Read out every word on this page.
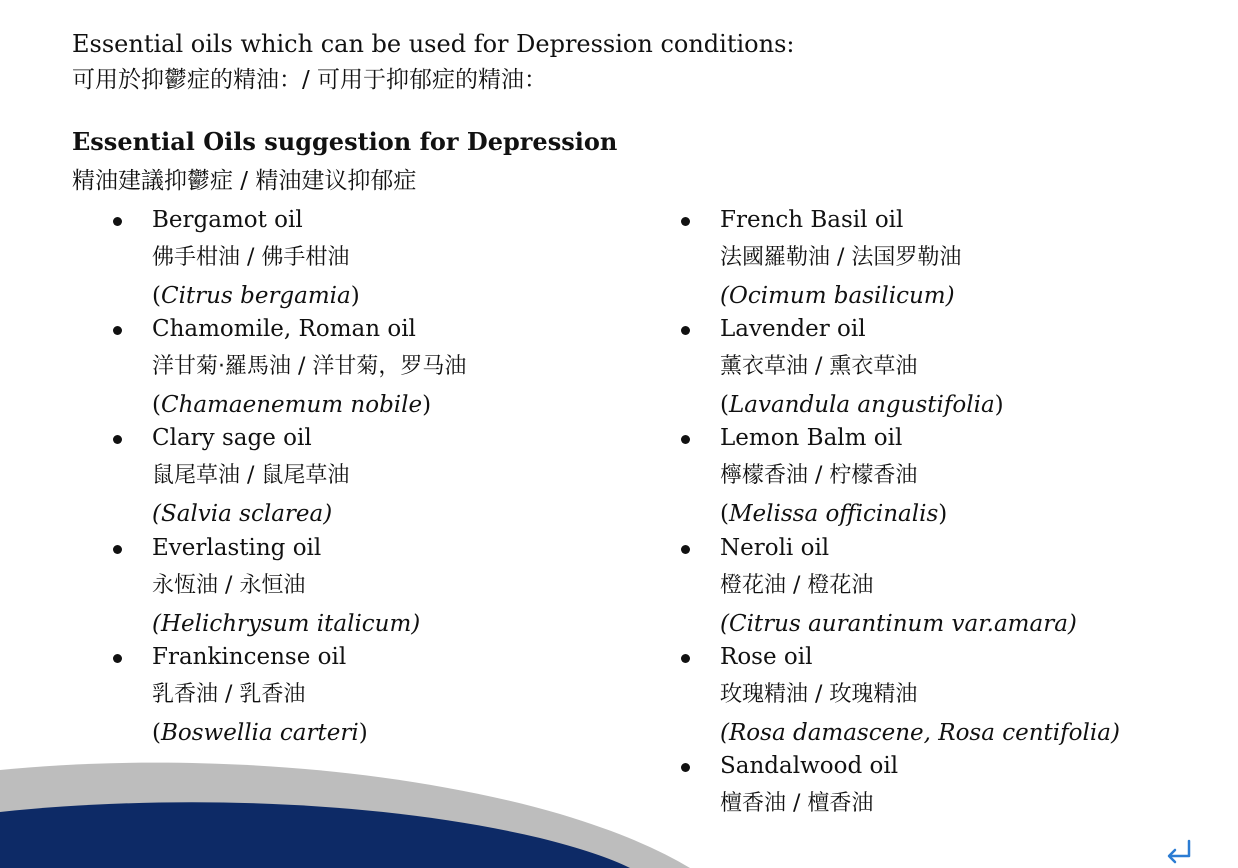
Essential oils which can be used for Depression conditions:
可用於抑鬱症的精油：/ 可用于抑郁症的精油：
Essential Oils suggestion for Depression
精油建議抑鬱症 / 精油建议抑郁症
Bergamot oil
佛手柑油 / 佛手柑油
(Citrus bergamia)
Chamomile, Roman oil
洋甘菊·羅馬油 / 洋甘菊，罗马油
(Chamaenemum nobile)
Clary sage oil
鼠尾草油 / 鼠尾草油
(Salvia sclarea)
Everlasting oil
永恆油 / 永恒油
(Helichrysum italicum)
Frankincense oil
乳香油 / 乳香油
(Boswellia carteri)
French Basil oil
法國羅勒油 / 法国罗勒油
(Ocimum basilicum)
Lavender oil
薰衣草油 / 熏衣草油
(Lavandula angustifolia)
Lemon Balm oil
檸檬香油 / 柠檬香油
(Melissa officinalis)
Neroli oil
橙花油 / 橙花油
(Citrus aurantinum var.amara)
Rose oil
玫瑰精油 / 玫瑰精油
(Rosa damascene, Rosa centifolia)
Sandalwood oil
檀香油 / 檀香油
